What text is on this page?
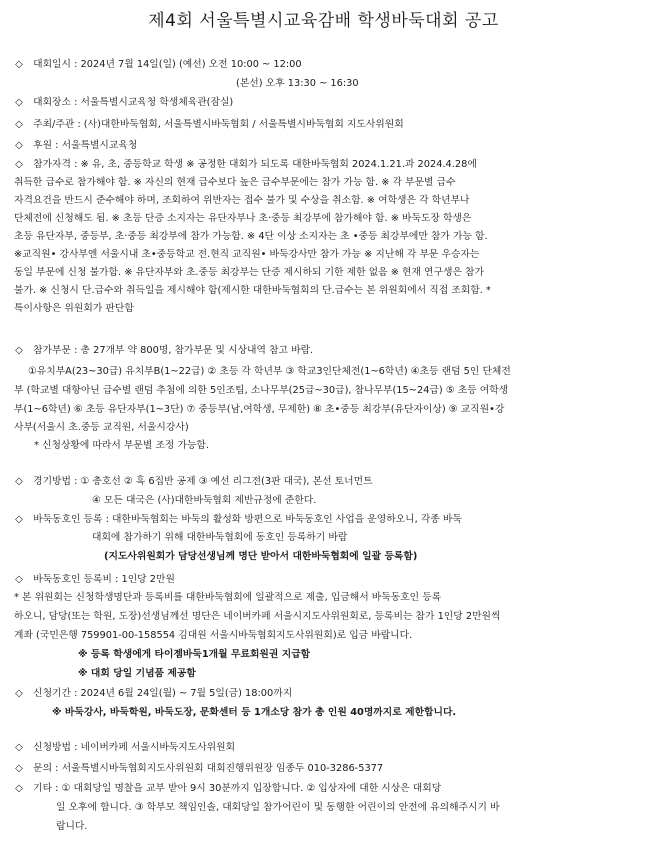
제4회 서울특별시교육감배 학생바둑대회 공고
◇ 대회일시 : 2024년 7월 14일(일) (예선) 오전 10:00 ~ 12:00
(본선) 오후 13:30 ~ 16:30
◇ 대회장소 : 서울특별시교육청 학생체육관(잠실)
◇ 주최/주관 : (사)대한바둑협회, 서울특별시바둑협회 / 서울특별시바둑협회 지도사위원회
◇ 후원 : 서울특별시교육청
◇ 참가자격 : ※ 유, 초, 중등학교 학생 ※ 공정한 대회가 되도록 대한바둑협회 2024.1.21.과 2024.4.28에
취득한 급수로 참가해야 함. ※ 자신의 현재 급수보다 높은 급수부문에는 참가 가능 함. ※ 각 부문별 급수
자격요건을 반드시 준수해야 하며, 조회하여 위반자는 접수 불가 및 수상을 취소함. ※ 여학생은 각 학년부나
단체전에 신청해도 됨. ※ 초등 단증 소지자는 유단자부나 초·중등 최강부에 참가해야 함. ※ 바둑도장 학생은
초등 유단자부, 중등부, 초·중등 최강부에 참가 가능함. ※ 4단 이상 소지자는 초 •중등 최강부에만 참가 가능 함.
※교직원• 강사부엔 서울시내 초•중등학교 전.현직 교직원• 바둑강사만 참가 가능 ※ 지난해 각 부문 우승자는
동일 부문에 신청 불가함. ※ 유단자부와 초.중등 최강부는 단증 제시하되 기한 제한 없음 ※ 현재 연구생은 참가
불가. ※ 신청시 단.급수와 취득일을 제시해야 함(제시한 대한바둑협회의 단.급수는 본 위원회에서 직접 조회함. *
특이사항은 위원회가 판단함
◇ 참가부문 : 총 27개부 약 800명, 참가부문 및 시상내역 참고 바람.
①유치부A(23~30급) 유치부B(1~22급) ② 초등 각 학년부 ③ 학교3인단체전(1~6학년) ④초등 랜덤 5인 단체전
부 (학교별 대항아닌 급수별 랜덤 추첨에 의한 5인조팀, 소나무부(25급~30급), 참나무부(15~24급) ⑤ 초등 여학생
부(1~6학년) ⑥ 초등 유단자부(1~3단) ⑦ 중등부(남,여학생, 무제한) ⑧ 초•중등 최강부(유단자이상) ⑨ 교직원•강
사부(서울시 초.중등 교직원, 서울시강사)
* 신청상황에 따라서 부문별 조정 가능함.
◇ 경기방법 : ① 총호선 ② 흑 6집반 공제 ③ 예선 리그전(3판 대국), 본선 토너먼트
④ 모든 대국은 (사)대한바둑협회 제반규정에 준한다.
◇ 바둑동호인 등록 : 대한바둑협회는 바둑의 활성화 방편으로 바둑동호인 사업을 운영하오니, 각종 바둑
대회에 참가하기 위해 대한바둑협회에 동호인 등록하기 바람
(지도사위원회가 담당선생님께 명단 받아서 대한바둑협회에 일괄 등록함)
◇ 바둑동호인 등록비 : 1인당 2만원
* 본 위원회는 신청학생명단과 등록비를 대한바둑협회에 일괄적으로 제출, 입금해서 바둑동호인 등록
하오니, 담당(또는 학원, 도장)선생님께선 명단은 네이버카페 서울시지도사위원회로, 등록비는 참가 1인당 2만원씩
계좌 (국민은행 759901-00-158554 김대원 서울시바둑협회지도사위원회)로 입금 바랍니다.
※ 등록 학생에게 타이젬바둑1개월 무료회원권 지급함
※ 대회 당일 기념품 제공함
◇ 신청기간 : 2024년 6월 24일(월) ~ 7월 5일(금) 18:00까지
※ 바둑강사, 바둑학원, 바둑도장, 문화센터 등 1개소당 참가 총 인원 40명까지로 제한합니다.
◇ 신청방법 : 네이버카페 서울시바둑지도사위원회
◇ 문의 : 서울특별시바둑협회지도사위원회 대회진행위원장 임종두 010-3286-5377
◇ 기타 : ① 대회당일 명찰을 교부 받아 9시 30분까지 입장합니다. ② 입상자에 대한 시상은 대회당
일 오후에 합니다. ③ 학부모 책임인솔, 대회당일 참가어린이 및 동행한 어린이의 안전에 유의해주시기 바
랍니다.
